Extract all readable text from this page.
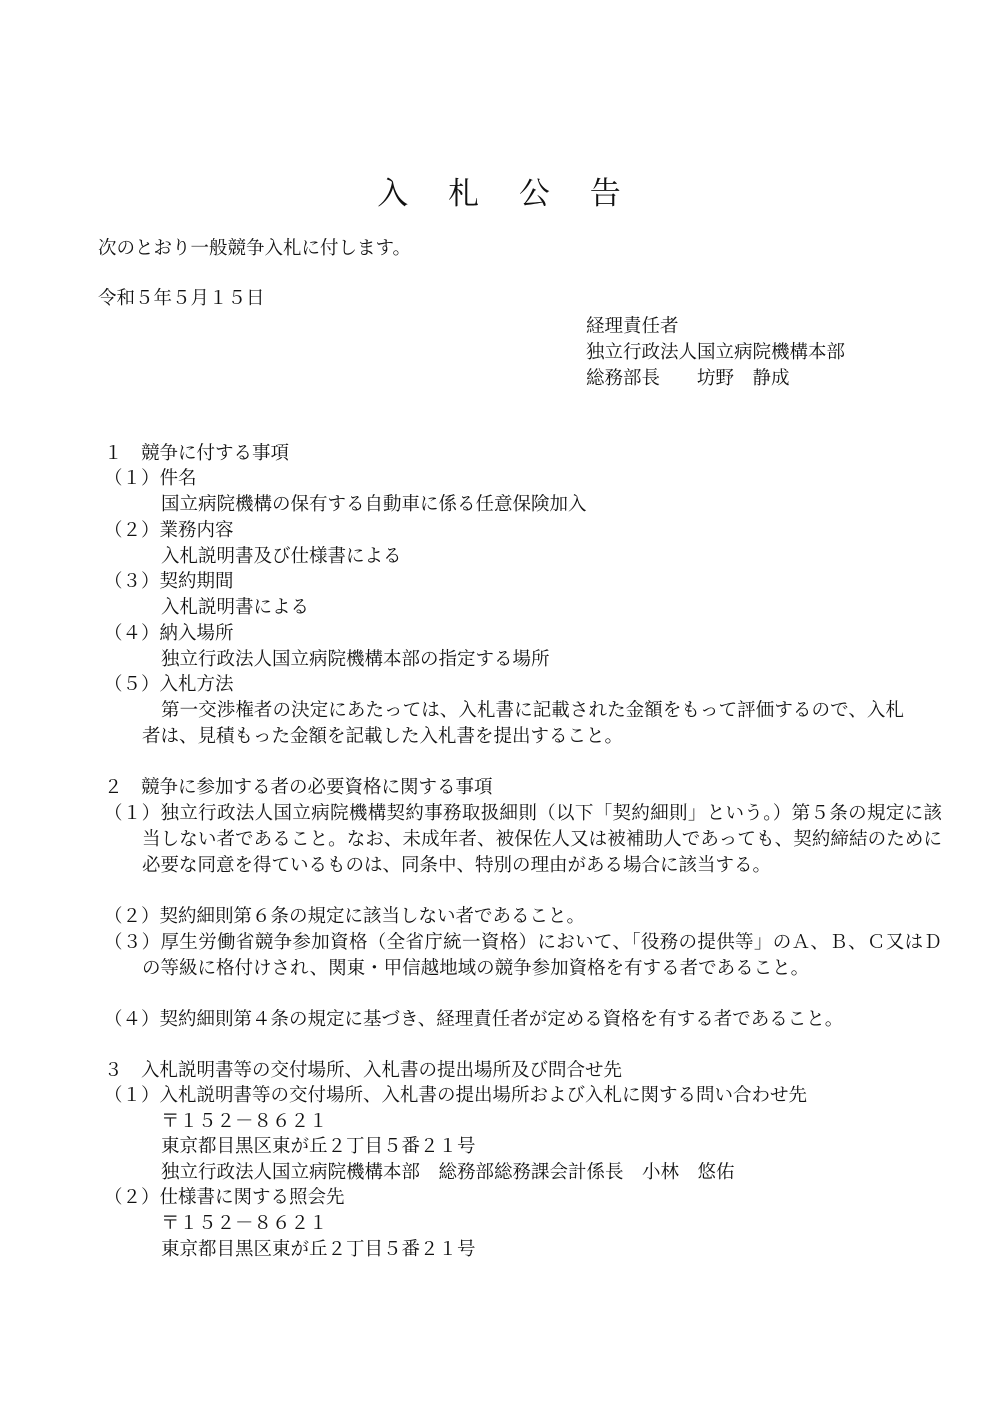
入 札 公 告
次のとおり一般競争入札に付します。
令和５年５月１５日
経理責任者
独立行政法人国立病院機構本部
総務部長　　坊野　静成
１　競争に付する事項
（１）件名
国立病院機構の保有する自動車に係る任意保険加入
（２）業務内容
入札説明書及び仕様書による
（３）契約期間
入札説明書による
（４）納入場所
独立行政法人国立病院機構本部の指定する場所
（５）入札方法
第一交渉権者の決定にあたっては、入札書に記載された金額をもって評価するので、入札者は、見積もった金額を記載した入札書を提出すること。
２　競争に参加する者の必要資格に関する事項
（１）独立行政法人国立病院機構契約事務取扱細則（以下「契約細則」という。）第５条の規定に該当しない者であること。なお、未成年者、被保佐人又は被補助人であっても、契約締結のために必要な同意を得ているものは、同条中、特別の理由がある場合に該当する。
（２）契約細則第６条の規定に該当しない者であること。
（３）厚生労働省競争参加資格（全省庁統一資格）において、「役務の提供等」のＡ、Ｂ、Ｃ又はＤの等級に格付けされ、関東・甲信越地域の競争参加資格を有する者であること。
（４）契約細則第４条の規定に基づき、経理責任者が定める資格を有する者であること。
３　入札説明書等の交付場所、入札書の提出場所及び問合せ先
（１）入札説明書等の交付場所、入札書の提出場所および入札に関する問い合わせ先
〒１５２－８６２１
東京都目黒区東が丘２丁目５番２１号
独立行政法人国立病院機構本部　総務部総務課会計係長　小林　悠佑
（２）仕様書に関する照会先
〒１５２－８６２１
東京都目黒区東が丘２丁目５番２１号
